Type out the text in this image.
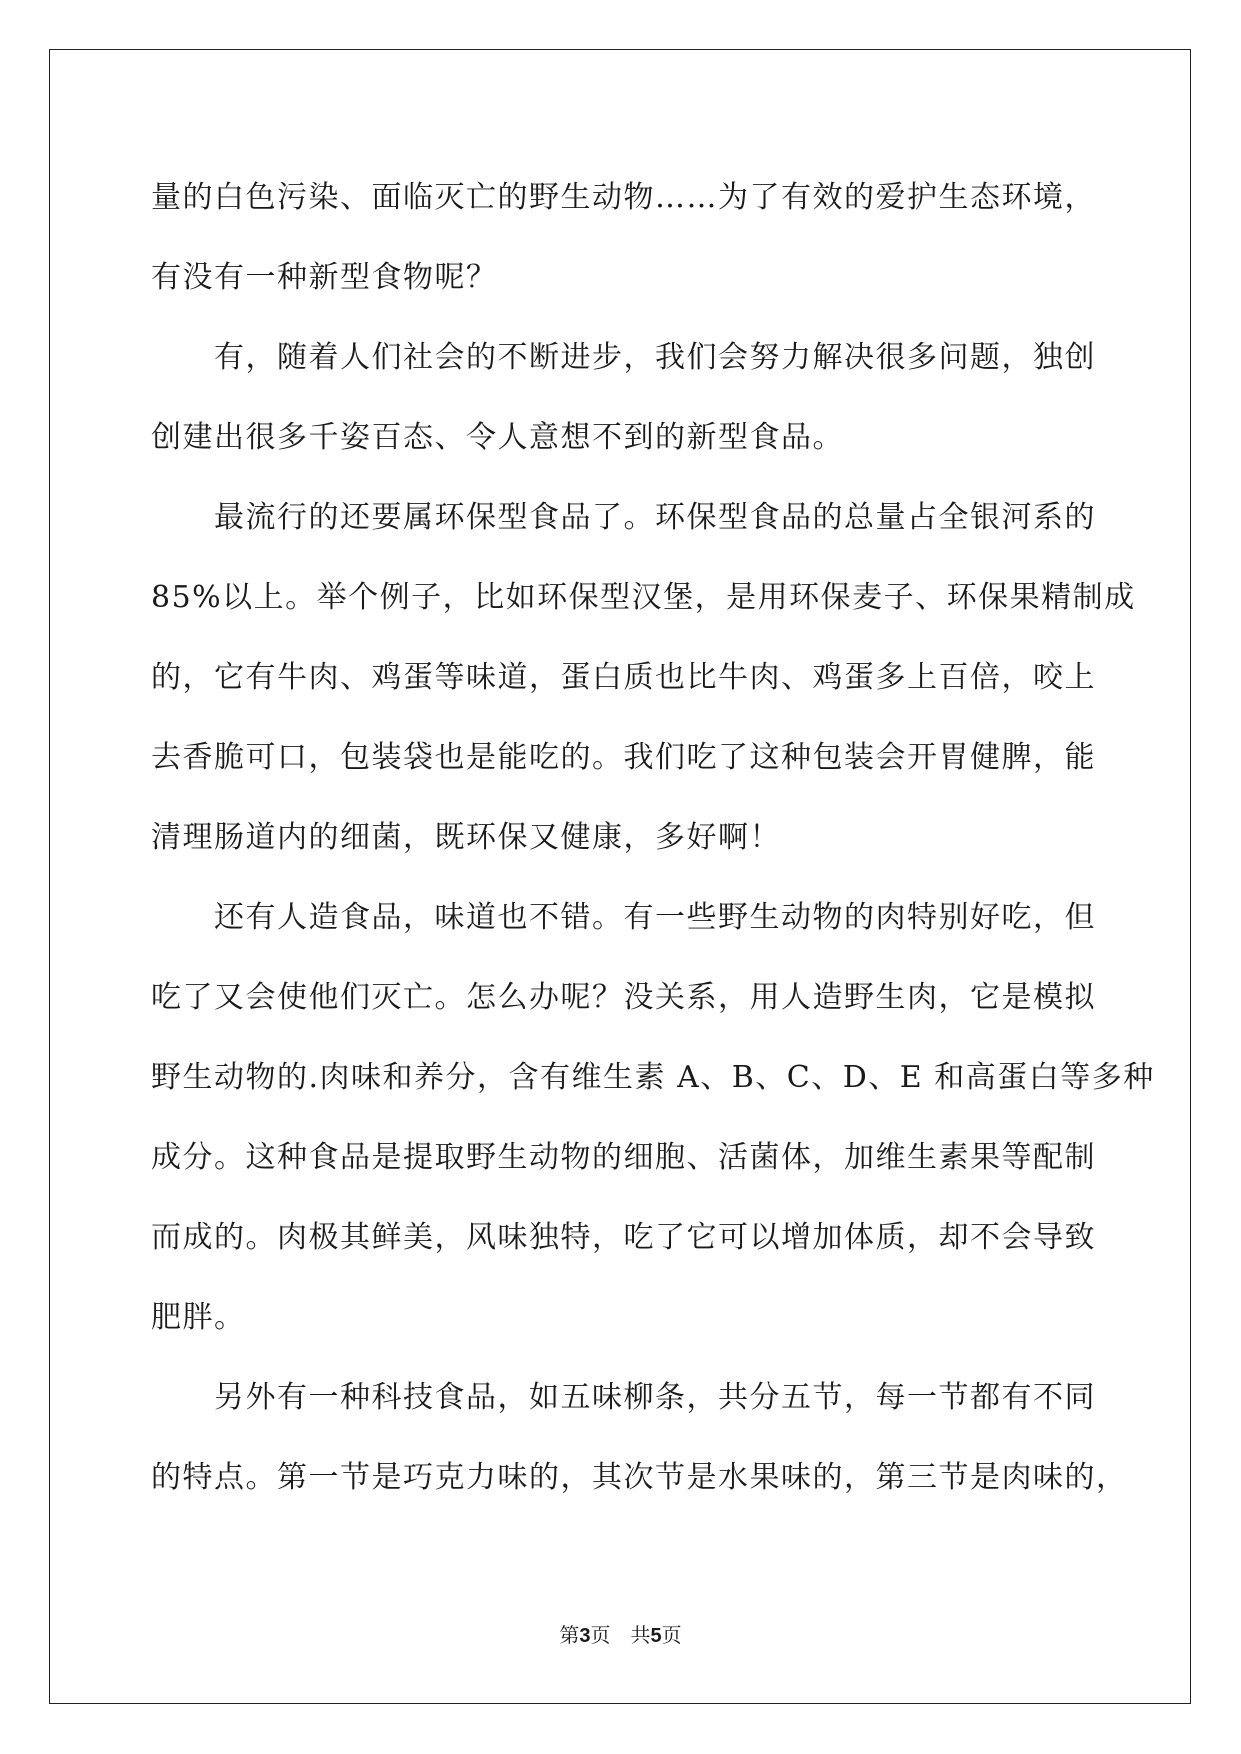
量的白色污染、面临灭亡的野生动物……为了有效的爱护生态环境，
有没有一种新型食物呢？
有，随着人们社会的不断进步，我们会努力解决很多问题，独创
创建出很多千姿百态、令人意想不到的新型食品。
最流行的还要属环保型食品了。环保型食品的总量占全银河系的
85%以上。举个例子，比如环保型汉堡，是用环保麦子、环保果精制成
的，它有牛肉、鸡蛋等味道，蛋白质也比牛肉、鸡蛋多上百倍，咬上
去香脆可口，包装袋也是能吃的。我们吃了这种包装会开胃健脾，能
清理肠道内的细菌，既环保又健康，多好啊！
还有人造食品，味道也不错。有一些野生动物的肉特别好吃，但
吃了又会使他们灭亡。怎么办呢？没关系，用人造野生肉，它是模拟
野生动物的.肉味和养分，含有维生素 A、B、C、D、E 和高蛋白等多种
成分。这种食品是提取野生动物的细胞、活菌体，加维生素果等配制
而成的。肉极其鲜美，风味独特，吃了它可以增加体质，却不会导致
肥胖。
另外有一种科技食品，如五味柳条，共分五节，每一节都有不同
的特点。第一节是巧克力味的，其次节是水果味的，第三节是肉味的，
第3页 共5页
